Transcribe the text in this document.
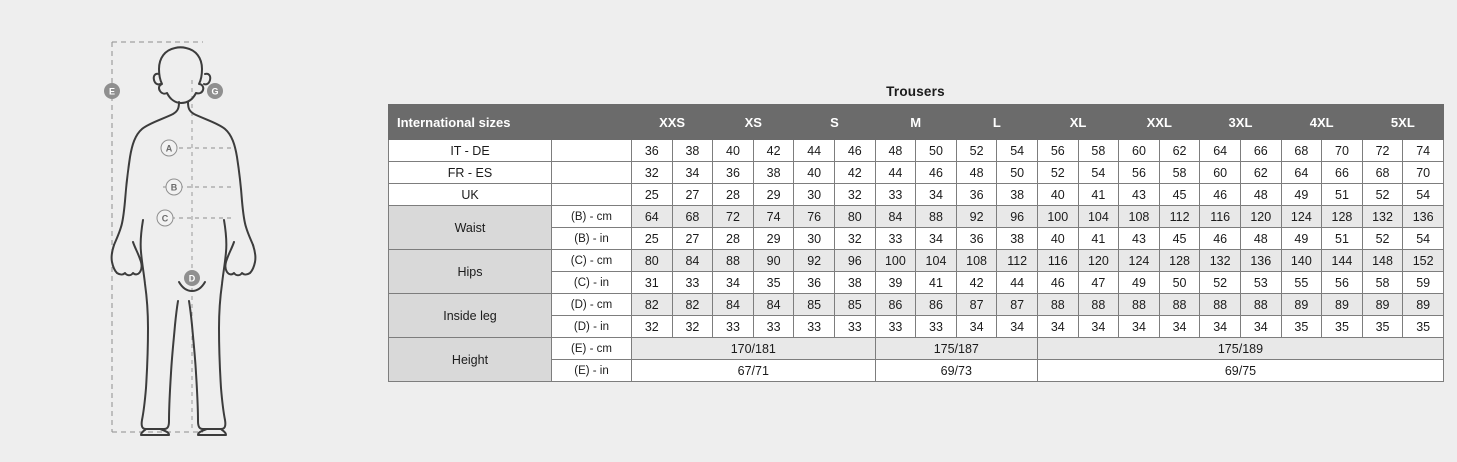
E	G
A
B
C
D
Trousers
International sizes		XXS		XS		S		M		L		XL		XXL		3XL		4XL		5XL	
IT - DE		36	38	40	42	44	46	48	50	52	54	56	58	60	62	64	66	68	70	72	74
FR - ES		32	34	36	38	40	42	44	46	48	50	52	54	56	58	60	62	64	66	68	70
UK		25	27	28	29	30	32	33	34	36	38	40	41	43	45	46	48	49	51	52	54
Waist	(B) - cm	64	68	72	74	76	80	84	88	92	96	100	104	108	112	116	120	124	128	132	136
	(B) - in	25	27	28	29	30	32	33	34	36	38	40	41	43	45	46	48	49	51	52	54
Hips	(C) - cm	80	84	88	90	92	96	100	104	108	112	116	120	124	128	132	136	140	144	148	152
	(C) - in	31	33	34	35	36	38	39	41	42	44	46	47	49	50	52	53	55	56	58	59
Inside leg	(D) - cm	82	82	84	84	85	85	86	86	87	87	88	88	88	88	88	88	89	89	89	89
	(D) - in	32	32	33	33	33	33	33	33	34	34	34	34	34	34	34	34	35	35	35	35
Height	(E) - cm	170/181						175/187				175/189									
	(E) - in	67/71						69/73				69/75									
